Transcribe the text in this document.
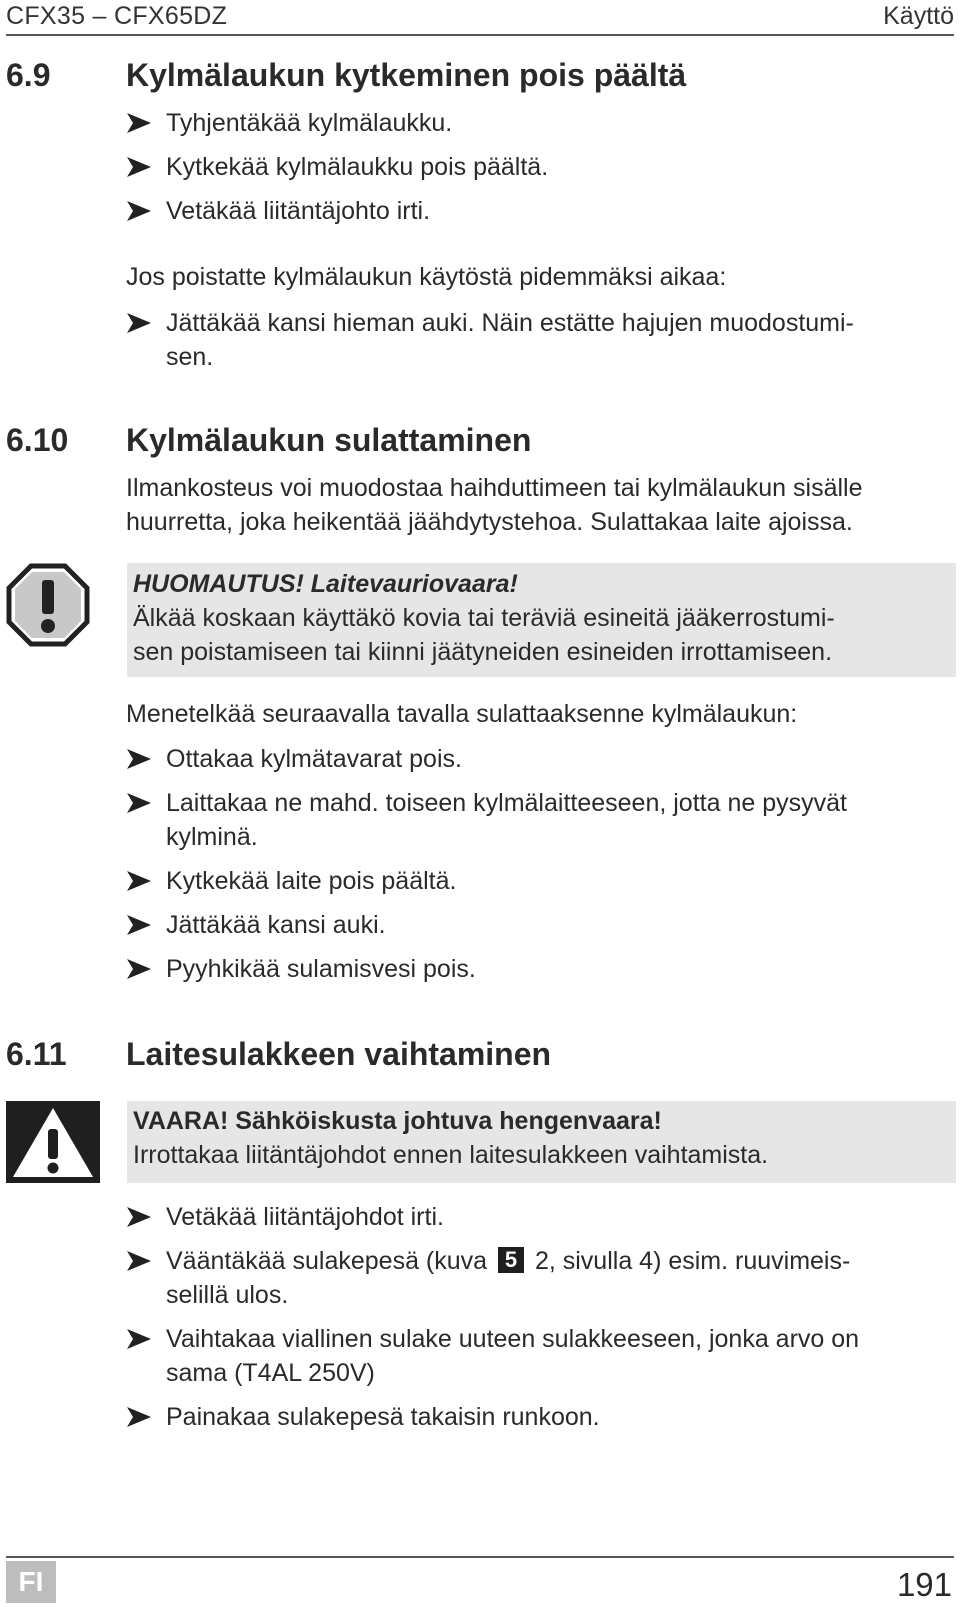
CFX35 – CFX65DZ	Käyttö
6.9 Kylmälaukun kytkeminen pois päältä
Tyhjentäkää kylmälaukku.
Kytkekää kylmälaukku pois päältä.
Vetäkää liitäntäjohto irti.
Jos poistatte kylmälaukun käytöstä pidemmäksi aikaa:
Jättäkää kansi hieman auki. Näin estätte hajujen muodostumi-
sen.
6.10 Kylmälaukun sulattaminen
Ilmankosteus voi muodostaa haihduttimeen tai kylmälaukun sisälle
huurretta, joka heikentää jäähdytystehoa. Sulattakaa laite ajoissa.
HUOMAUTUS! Laitevauriovaara!
Älkää koskaan käyttäkö kovia tai teräviä esineitä jääkerrostumi-
sen poistamiseen tai kiinni jäätyneiden esineiden irrottamiseen.
Menetelkää seuraavalla tavalla sulattaaksenne kylmälaukun:
Ottakaa kylmätavarat pois.
Laittakaa ne mahd. toiseen kylmälaitteeseen, jotta ne pysyvät
kylminä.
Kytkekää laite pois päältä.
Jättäkää kansi auki.
Pyyhkikää sulamisvesi pois.
6.11 Laitesulakkeen vaihtaminen
VAARA! Sähköiskusta johtuva hengenvaara!
Irrottakaa liitäntäjohdot ennen laitesulakkeen vaihtamista.
Vetäkää liitäntäjohdot irti.
Vääntäkää sulakepesä (kuva 5 2, sivulla 4) esim. ruuvimeis-
selillä ulos.
Vaihtakaa viallinen sulake uuteen sulakkeeseen, jonka arvo on
sama (T4AL 250V)
Painakaa sulakepesä takaisin runkoon.
FI	191
